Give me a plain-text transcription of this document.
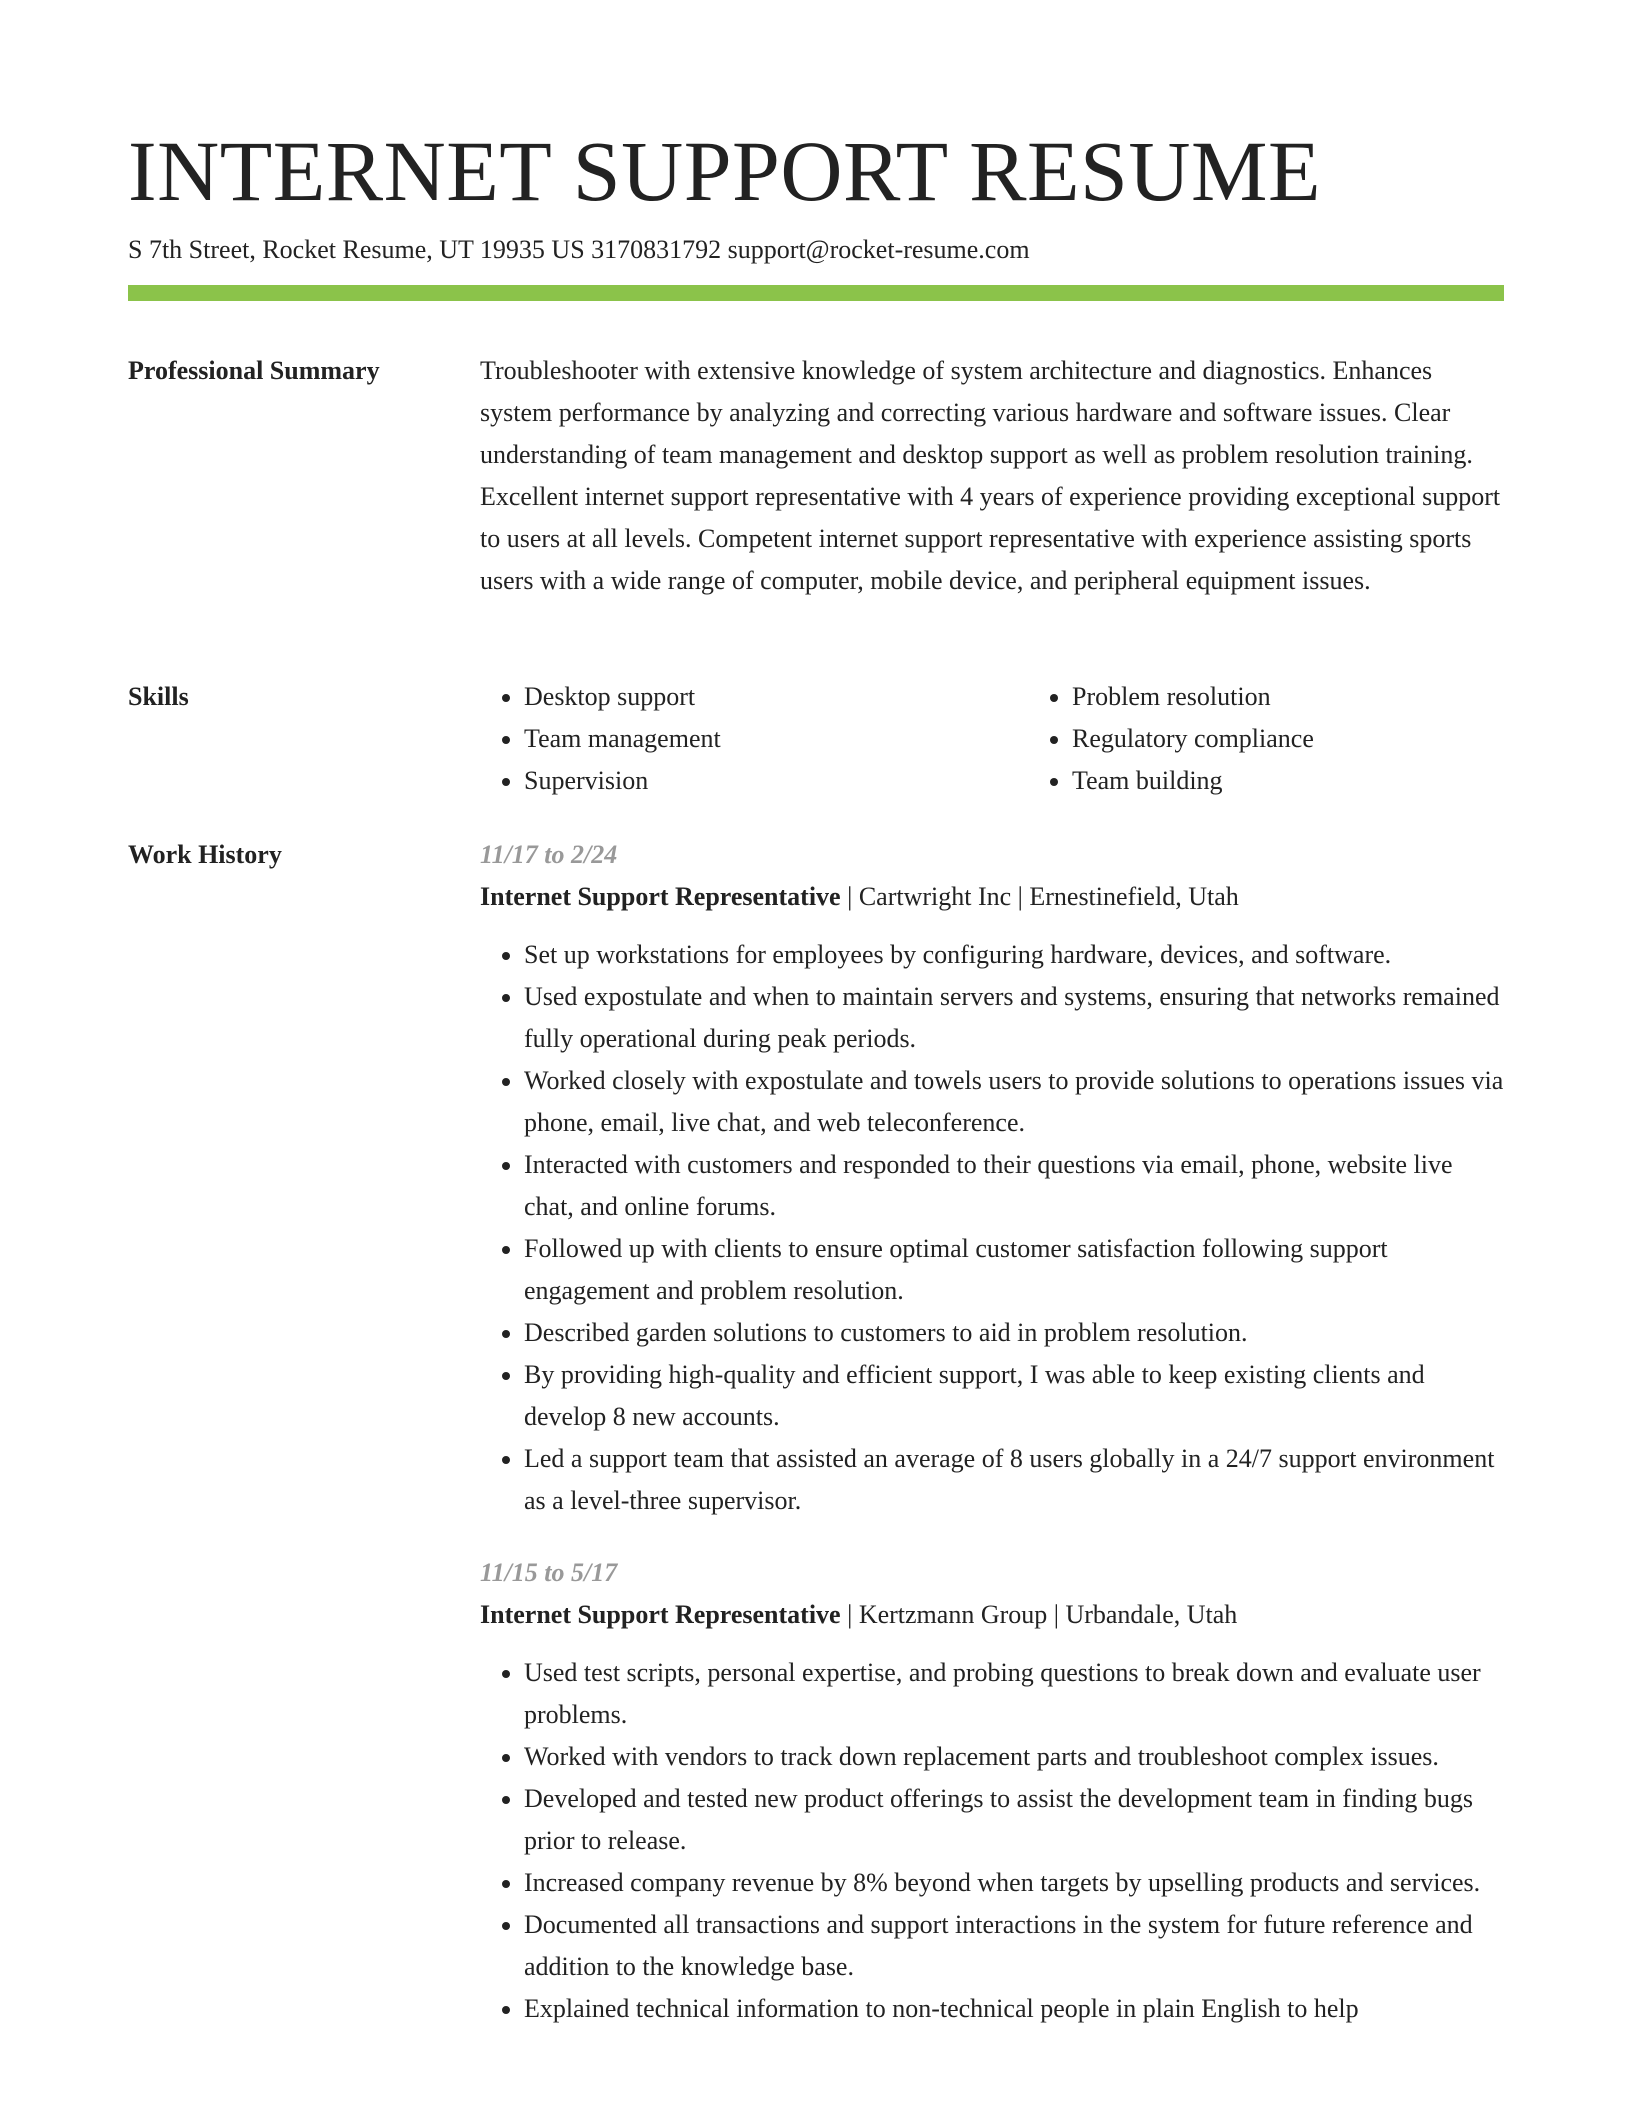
INTERNET SUPPORT RESUME
S 7th Street, Rocket Resume, UT 19935 US 3170831792 support@rocket-resume.com
Professional Summary	Troubleshooter with extensive knowledge of system architecture and diagnostics. Enhances system performance by analyzing and correcting various hardware and software issues. Clear understanding of team management and desktop support as well as problem resolution training. Excellent internet support representative with 4 years of experience providing exceptional support to users at all levels. Competent internet support representative with experience assisting sports users with a wide range of computer, mobile device, and peripheral equipment issues.

Skills
•	Desktop support
• Team management
• Supervision
• Problem resolution
• Regulatory compliance
• Team building
Work History	11/17 to 2/24

Internet Support Representative | Cartwright Inc | Ernestinefield, Utah

• Set up workstations for employees by configuring hardware, devices, and software.
• Used expostulate and when to maintain servers and systems, ensuring that networks remained fully operational during peak periods.
• Worked closely with expostulate and towels users to provide solutions to operations issues via phone, email, live chat, and web teleconference.
• Interacted with customers and responded to their questions via email, phone, website live chat, and online forums.
• Followed up with clients to ensure optimal customer satisfaction following support engagement and problem resolution.
• Described garden solutions to customers to aid in problem resolution.
• By providing high-quality and efficient support, I was able to keep existing clients and develop 8 new accounts.
• Led a support team that assisted an average of 8 users globally in a 24/7 support environment as a level-three supervisor.

11/15 to 5/17

Internet Support Representative | Kertzmann Group | Urbandale, Utah

• Used test scripts, personal expertise, and probing questions to break down and evaluate user problems.
• Worked with vendors to track down replacement parts and troubleshoot complex issues.
• Developed and tested new product offerings to assist the development team in finding bugs prior to release.
• Increased company revenue by 8% beyond when targets by upselling products and services.
• Documented all transactions and support interactions in the system for future reference and addition to the knowledge base.
• Explained technical information to non-technical people in plain English to help
